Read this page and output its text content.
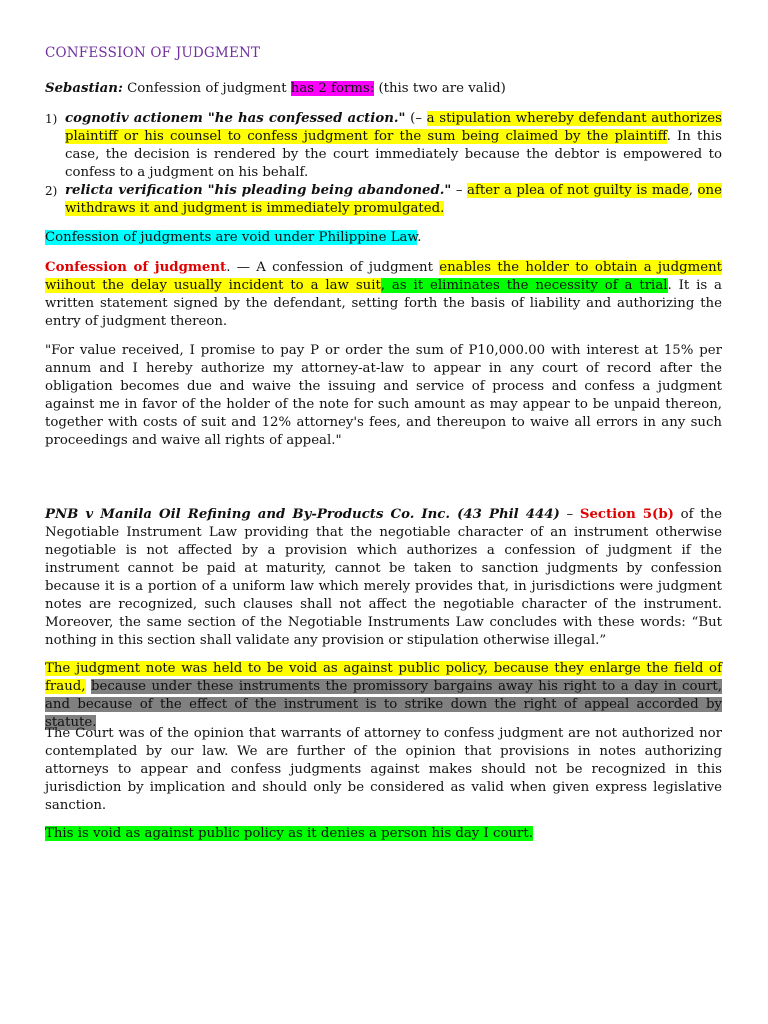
CONFESSION OF JUDGMENT
Sebastian: Confession of judgment has 2 forms: (this two are valid)
1) cognotiv actionem "he has confessed action." (– a stipulation whereby defendant authorizes plaintiff or his counsel to confess judgment for the sum being claimed by the plaintiff. In this case, the decision is rendered by the court immediately because the debtor is empowered to confess to a judgment on his behalf.
2) relicta verification "his pleading being abandoned." – after a plea of not guilty is made, one withdraws it and judgment is immediately promulgated.
Confession of judgments are void under Philippine Law.
Confession of judgment. — A confession of judgment enables the holder to obtain a judgment wiihout the delay usually incident to a law suit, as it eliminates the necessity of a trial. It is a written statement signed by the defendant, setting forth the basis of liability and authorizing the entry of judgment thereon.
"For value received, I promise to pay P or order the sum of P10,000.00 with interest at 15% per annum and I hereby authorize my attorney-at-law to appear in any court of record after the obligation becomes due and waive the issuing and service of process and confess a judgment against me in favor of the holder of the note for such amount as may appear to be unpaid thereon, together with costs of suit and 12% attorney's fees, and thereupon to waive all errors in any such proceedings and waive all rights of appeal."
PNB v Manila Oil Refining and By-Products Co. Inc. (43 Phil 444) – Section 5(b) of the Negotiable Instrument Law providing that the negotiable character of an instrument otherwise negotiable is not affected by a provision which authorizes a confession of judgment if the instrument cannot be paid at maturity, cannot be taken to sanction judgments by confession because it is a portion of a uniform law which merely provides that, in jurisdictions were judgment notes are recognized, such clauses shall not affect the negotiable character of the instrument. Moreover, the same section of the Negotiable Instruments Law concludes with these words: “But nothing in this section shall validate any provision or stipulation otherwise illegal.”
The judgment note was held to be void as against public policy, because they enlarge the field of fraud, because under these instruments the promissory bargains away his right to a day in court, and because of the effect of the instrument is to strike down the right of appeal accorded by statute.
The Court was of the opinion that warrants of attorney to confess judgment are not authorized nor contemplated by our law. We are further of the opinion that provisions in notes authorizing attorneys to appear and confess judgments against makes should not be recognized in this jurisdiction by implication and should only be considered as valid when given express legislative sanction.
This is void as against public policy as it denies a person his day I court.
